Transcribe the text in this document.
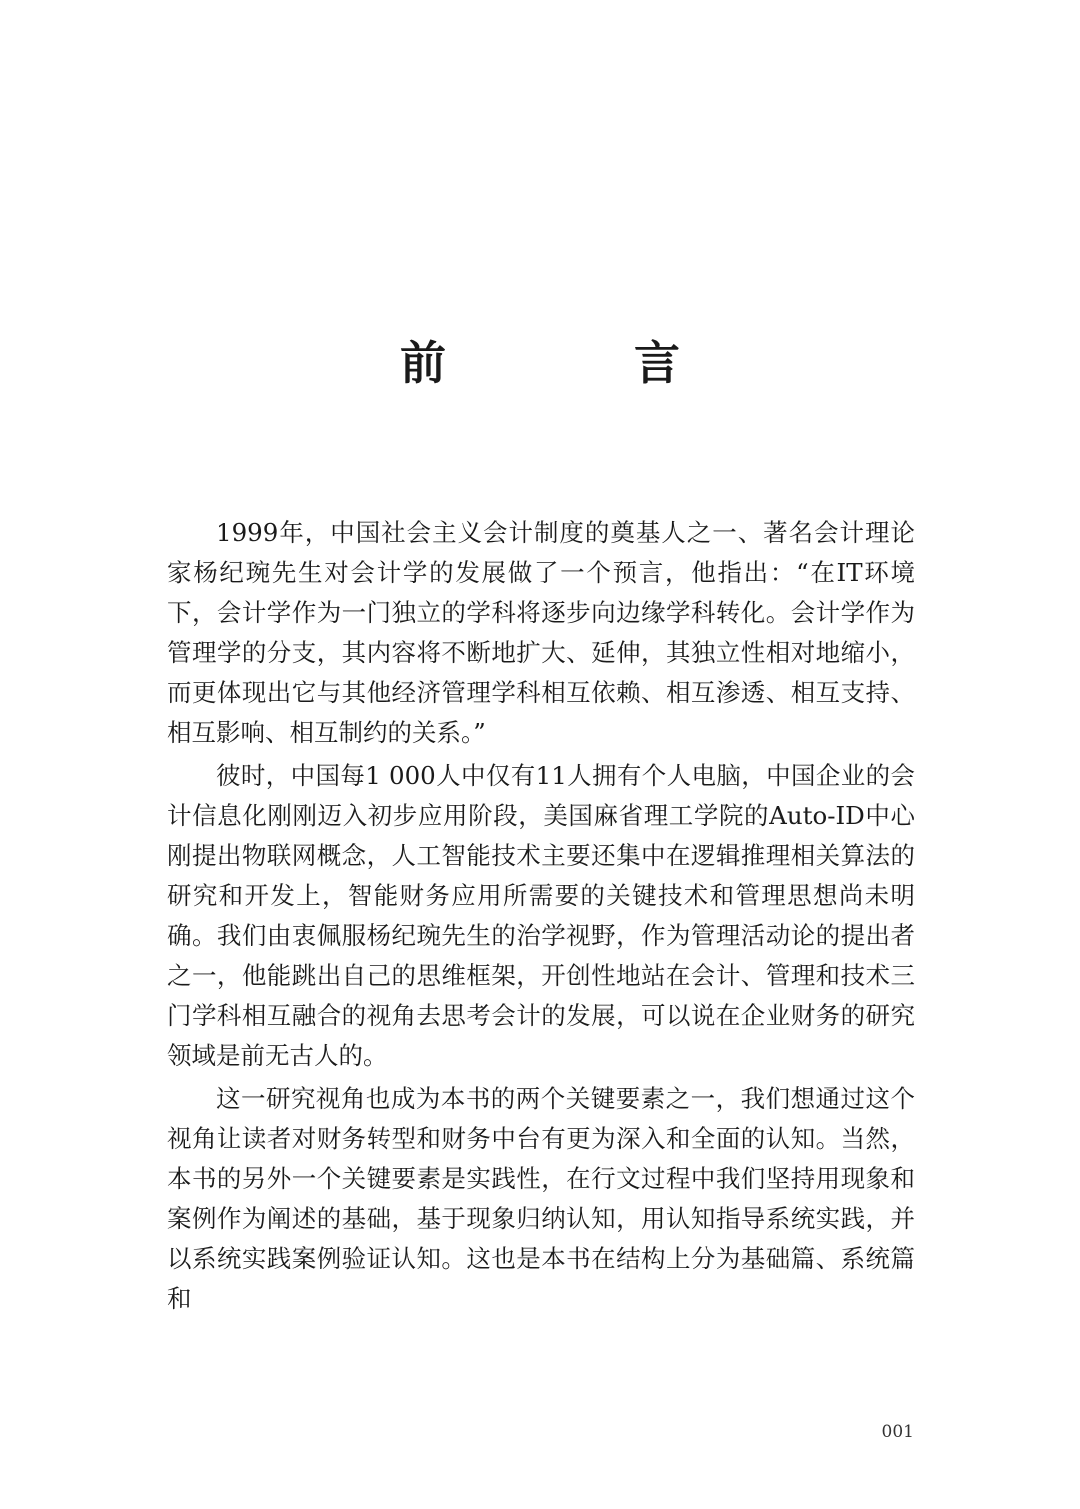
前 言

1999年，中国社会主义会计制度的奠基人之一、著名会计理论家杨纪琬先生对会计学的发展做了一个预言，他指出：“在IT环境下，会计学作为一门独立的学科将逐步向边缘学科转化。会计学作为管理学的分支，其内容将不断地扩大、延伸，其独立性相对地缩小，而更体现出它与其他经济管理学科相互依赖、相互渗透、相互支持、相互影响、相互制约的关系。”

彼时，中国每1 000人中仅有11人拥有个人电脑，中国企业的会计信息化刚刚迈入初步应用阶段，美国麻省理工学院的Auto-ID中心刚提出物联网概念，人工智能技术主要还集中在逻辑推理相关算法的研究和开发上，智能财务应用所需要的关键技术和管理思想尚未明确。我们由衷佩服杨纪琬先生的治学视野，作为管理活动论的提出者之一，他能跳出自己的思维框架，开创性地站在会计、管理和技术三门学科相互融合的视角去思考会计的发展，可以说在企业财务的研究领域是前无古人的。

这一研究视角也成为本书的两个关键要素之一，我们想通过这个视角让读者对财务转型和财务中台有更为深入和全面的认知。当然，本书的另外一个关键要素是实践性，在行文过程中我们坚持用现象和案例作为阐述的基础，基于现象归纳认知，用认知指导系统实践，并以系统实践案例验证认知。这也是本书在结构上分为基础篇、系统篇和

001
